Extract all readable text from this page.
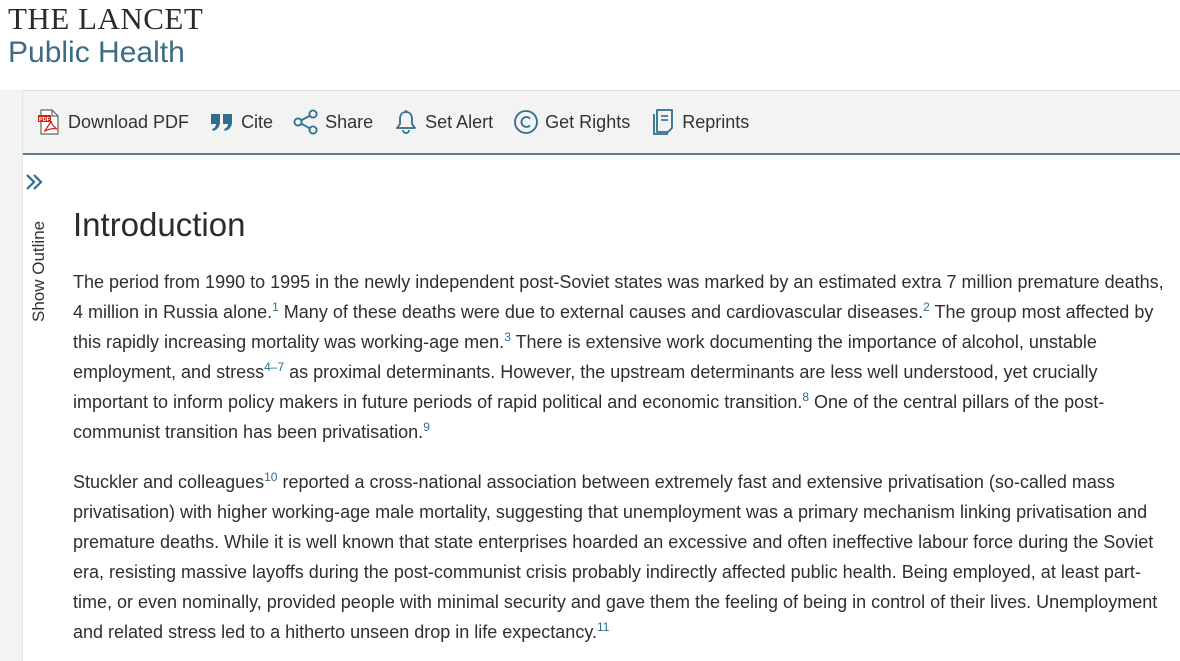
THE LANCET
Public Health
PDF Download PDF	Cite	Share	Set Alert	Get Rights	Reprints
Show Outline Introduction

The period from 1990 to 1995 in the newly independent post-Soviet states was marked by an estimated extra 7 million premature deaths, 4 million in Russia alone.$^1$ Many of these deaths were due to external causes and cardiovascular diseases.$^2$ The group most affected by this rapidly increasing mortality was working-age men.$^3$ There is extensive work documenting the importance of alcohol, unstable employment, and stress$^{4-7}$ as proximal determinants. However, the upstream determinants are less well understood, yet crucially important to inform policy makers in future periods of rapid political and economic transition.$^8$ One of the central pillars of the post-communist transition has been privatisation.$^9$

Stuckler and colleagues$^{10}$ reported a cross-national association between extremely fast and extensive privatisation (so-called mass privatisation) with higher working-age male mortality, suggesting that unemployment was a primary mechanism linking privatisation and premature deaths. While it is well known that state enterprises hoarded an excessive and often ineffective labour force during the Soviet era, resisting massive layoffs during the post-communist crisis probably indirectly affected public health. Being employed, at least part-time, or even nominally, provided people with minimal security and gave them the feeling of being in control of their lives. Unemployment and related stress led to a hitherto unseen drop in life expectancy.$^{11}$
